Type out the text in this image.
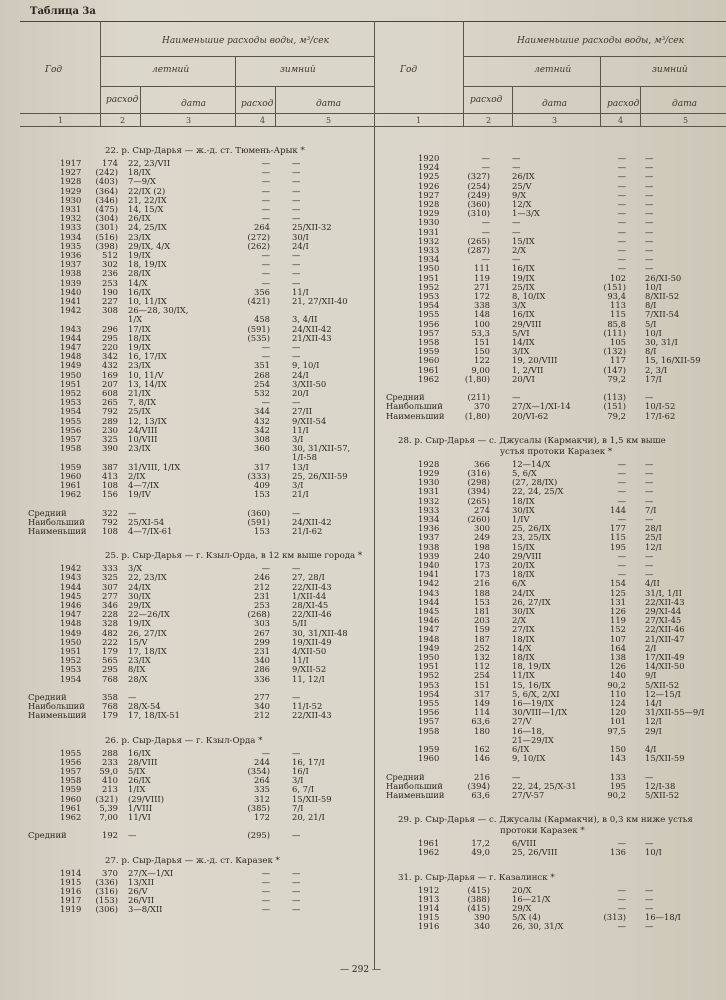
Таблица 3а
Год
Наименьшие расходы воды, м³/сек
летний	зимний
расход	дата	расход	дата
1	2	3	4	5
Год
Наименьшие расходы воды, м³/сек
летний	зимний
расход	дата	расход	дата
1	2	3	4	5
22. р. Сыр-Дарья — ж.-д. ст. Тюмень-Арык *
1917 174 22, 23/VII	—	—
1927 (242) 18/IX	—	—
1928 (403) 7—9/X	—	—
1929 (364) 22/IX (2)	—	—
1930 (346) 21, 22/IX	—	—
1931 (475) 14, 15/X	—	—
1932 (304) 26/IX	—	—
1933 (301) 24, 25/IX	264	25/XII-32
1934 (516) 23/IX	(272)	30/I
1935 (398) 29/IX, 4/X	(262)	24/I
1936 512 19/IX	—	—
1937 302 18, 19/IX	—	—
1938 236 28/IX	—	—
1939 253 14/X	—	—
1940 190 16/IX	356	11/I
1941 227 10, 11/IX	(421)	21, 27/XII-40
1942 308 26—28, 30/IX,
1/X	458	3, 4/II
1943 296 17/IX	(591)	24/XII-42
1944 295 18/IX	(535)	21/XII-43
1947 220 19/IX	—	—
1948 342 16, 17/IX	—	—
1949 432 23/IX	351	9, 10/I
1950 169 10, 11/V	268	24/I
1951 207 13, 14/IX	254	3/XII-50
1952 608 21/IX	532	20/I
1953 265 7, 8/IX	—	—
1954 792 25/IX	344	27/II
1955 289 12, 13/IX	432	9/XII-54
1956 230 24/VIII	342	11/I
1957 325 10/VIII	308	3/I
1958 390 23/IX	360	30, 31/XII-57,
1/I-58
1959 387 31/VIII, 1/IX	317	13/I
1960 413 2/IX	(333)	25, 26/XII-59
1961 108 4—7/IX	409	3/I
1962 156 19/IV	153	21/I
Средний	322 —	(360)	—
Наибольший 792 25/XI-54	(591)	24/XII-42
Наименьший 108 4—7/IX-61	153	21/I-62
25. р. Сыр-Дарья — г. Кзыл-Орда, в 12 км выше города *
1942 333 3/X	—	—
1943 325 22, 23/IX	246	27, 28/I
1944 307 24/IX	212	22/XII-43
1945 277 30/IX	231	1/XII-44
1946 346 29/IX	253	28/XI-45
1947 228 22—26/IX	(268)	22/XII-46
1948 328 19/IX	303	5/II
1949 482 26, 27/IX	267	30, 31/XII-48
1950 222 15/V	299	19/XII-49
1951 179 17, 18/IX	231	4/XII-50
1952 565 23/IX	340	11/I
1953 295 8/IX	286	9/XII-52
1954 768 28/X	336	11, 12/I
Средний	358 —	277	—
Наибольший 768 28/X-54	340	11/I-52
Наименьший 179 17, 18/IX-51	212	22/XII-43
26. р. Сыр-Дарья — г. Кзыл-Орда *
1955 288 16/IX	—	—
1956 233 28/VIII	244	16, 17/I
1957 59,0 5/IX	(354)	16/I
1958 410 26/IX	264	3/I
1959 213 1/IX	335	6, 7/I
1960 (321) (29/VIII)	312	15/XII-59
1961 5,39 1/VIII	(385)	7/I
1962 7,00 11/VI	172	20, 21/I
Средний	192 —	(295)	—
27. р. Сыр-Дарья — ж.-д. ст. Каразек *
1914 370 27/X—1/XI	—	—
1915 (336) 13/XII	—	—
1916 (316) 26/V	—	—
1917 (153) 26/VII	—	—
1919 (306) 3—8/XII	—	—
1920	—	—	— —
1924	—	—	— —
1925	(327)	26/IX	— —
1926	(254)	25/V	— —
1927	(249)	9/X	— —
1928	(360)	12/X	— —
1929	(310)	1—3/X	— —
1930	—	—	— —
1931	—	—	— —
1932	(265)	15/IX	— —
1933	(287)	2/X	— —
1934	—	—	— —
1950	111	16/IX	— —
1951	119	19/IX	102 26/XI-50
1952	271	25/IX	(151) 10/I
1953	172	8, 10/IX	93,4 8/XII-52
1954	338	3/X	113 8/I
1955	148	16/IX	115 7/XII-54
1956	100	29/VIII	85,8 5/I
1957	53,3	5/VI	(111) 10/I
1958	151	14/IX	105 30, 31/I
1959	150	3/IX	(132) 8/I
1960	122	19, 20/VIII	117 15, 16/XII-59
1961	9,00	1, 2/VII	(147) 2, 3/I
1962	(1,80)	20/VI	79,2 17/I
Средний	(211)	—	(113) —
Наибольший	370	27/X—1/XI-14	(151) 10/I-52
Наименьший (1,80)	20/VI-62	79,2 17/I-62
28. р. Сыр-Дарья — с. Джусалы (Кармакчи), в 1,5 км выше
устья протоки Каразек *
1928	366	12—14/X	— —
1929	(316)	5, 6/X	— —
1930	(298)	(27, 28/IX)	— —
1931	(394)	22, 24, 25/X	— —
1932	(265)	18/IX	— —
1933	274	30/IX	144 7/I
1934	(260)	1/IV	— —
1936	300	25, 26/IX	177 28/I
1937	249	23, 25/IX	115 25/I
1938	198	15/IX	195 12/I
1939	240	29/VIII	— —
1940	173	20/IX	— —
1941	173	18/IX	— —
1942	216	6/X	154 4/II
1943	188	24/IX	125 31/I, 1/II
1944	153	26, 27/IX	131 22/XII-43
1945	181	30/IX	126 29/XI-44
1946	203	2/X	119 27/XI-45
1947	159	27/IX	152 22/XII-46
1948	187	18/IX	107 21/XII-47
1949	252	14/X	164 2/I
1950	132	18/IX	138 17/XII-49
1951	112	18, 19/IX	126 14/XII-50
1952	254	11/IX	140 9/I
1953	151	15, 16/IX	90,2 5/XII-52
1954	317	5, 6/X, 2/XI	110 12—15/I
1955	149	16—19/IX	124 14/I
1956	114	30/VIII—1/IX	120 31/XII-55—9/I
1957	63,6	27/V	101 12/I
1958	180	16—18,	97,5 29/I
21—29/IX
1959	162	6/IX	150 4/I
1960	146	9, 10/IX	143 15/XII-59
Средний	216	—	133 —
Наибольший	(394)	22, 24, 25/X-31	195 12/I-38
Наименьший	63,6	27/V-57	90,2 5/XII-52
29. р. Сыр-Дарья — с. Джусалы (Кармакчи), в 0,3 км ниже устья
протоки Каразек *
1961	17,2	6/VIII	— —
1962	49,0	25, 26/VIII	136 10/I
31. р. Сыр-Дарья — г. Казалинск *
1912	(415)	20/X	— —
1913	(388)	16—21/X	— —
1914	(415)	29/X	— —
1915	390	5/X (4)	(313) 16—18/I
1916	340	26, 30, 31/X	— —
— 292 —
